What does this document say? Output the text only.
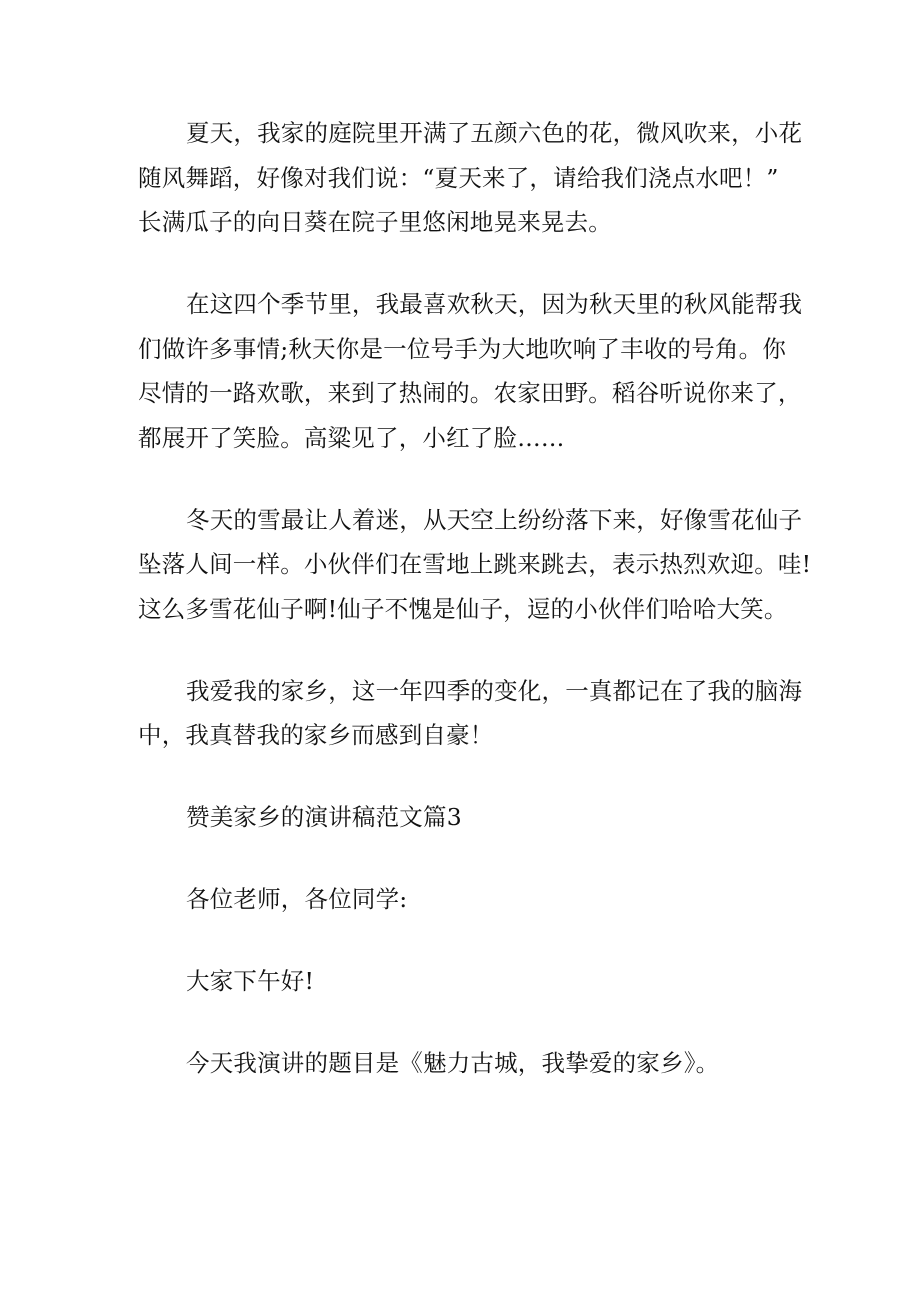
夏天，我家的庭院里开满了五颜六色的花，微风吹来，小花

随风舞蹈，好像对我们说：“夏天来了，请给我们浇点水吧！”

长满瓜子的向日葵在院子里悠闲地晃来晃去。

在这四个季节里，我最喜欢秋天，因为秋天里的秋风能帮我

们做许多事情;秋天你是一位号手为大地吹响了丰收的号角。你

尽情的一路欢歌，来到了热闹的。农家田野。稻谷听说你来了，

都展开了笑脸。高粱见了，小红了脸……

冬天的雪最让人着迷，从天空上纷纷落下来，好像雪花仙子

坠落人间一样。小伙伴们在雪地上跳来跳去，表示热烈欢迎。哇!

这么多雪花仙子啊!仙子不愧是仙子，逗的小伙伴们哈哈大笑。

我爱我的家乡，这一年四季的变化，一真都记在了我的脑海

中，我真替我的家乡而感到自豪！

赞美家乡的演讲稿范文篇3

各位老师，各位同学:

大家下午好!

今天我演讲的题目是《魅力古城，我挚爱的家乡》。
